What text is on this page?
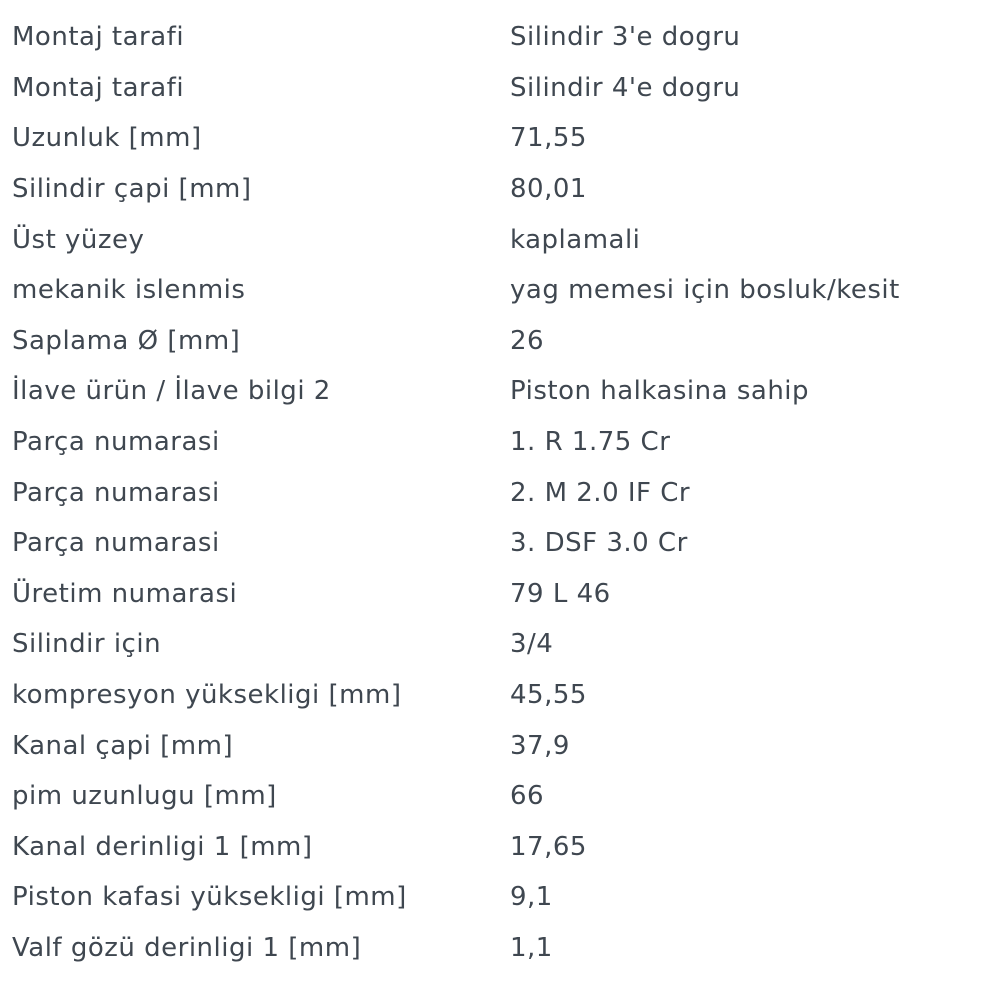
Montaj tarafi	Silindir 3'e dogru
Montaj tarafi	Silindir 4'e dogru
Uzunluk [mm]	71,55
Silindir çapi [mm]	80,01
Üst yüzey	kaplamali
mekanik islenmis	yag memesi için bosluk/kesit
Saplama Ø [mm]	26
İlave ürün / İlave bilgi 2	Piston halkasina sahip
Parça numarasi	1. R 1.75 Cr
Parça numarasi	2. M 2.0 IF Cr
Parça numarasi	3. DSF 3.0 Cr
Üretim numarasi	79 L 46
Silindir için	3/4
kompresyon yüksekligi [mm]	45,55
Kanal çapi [mm]	37,9
pim uzunlugu [mm]	66
Kanal derinligi 1 [mm]	17,65
Piston kafasi yüksekligi [mm]	9,1
Valf gözü derinligi 1 [mm]	1,1
